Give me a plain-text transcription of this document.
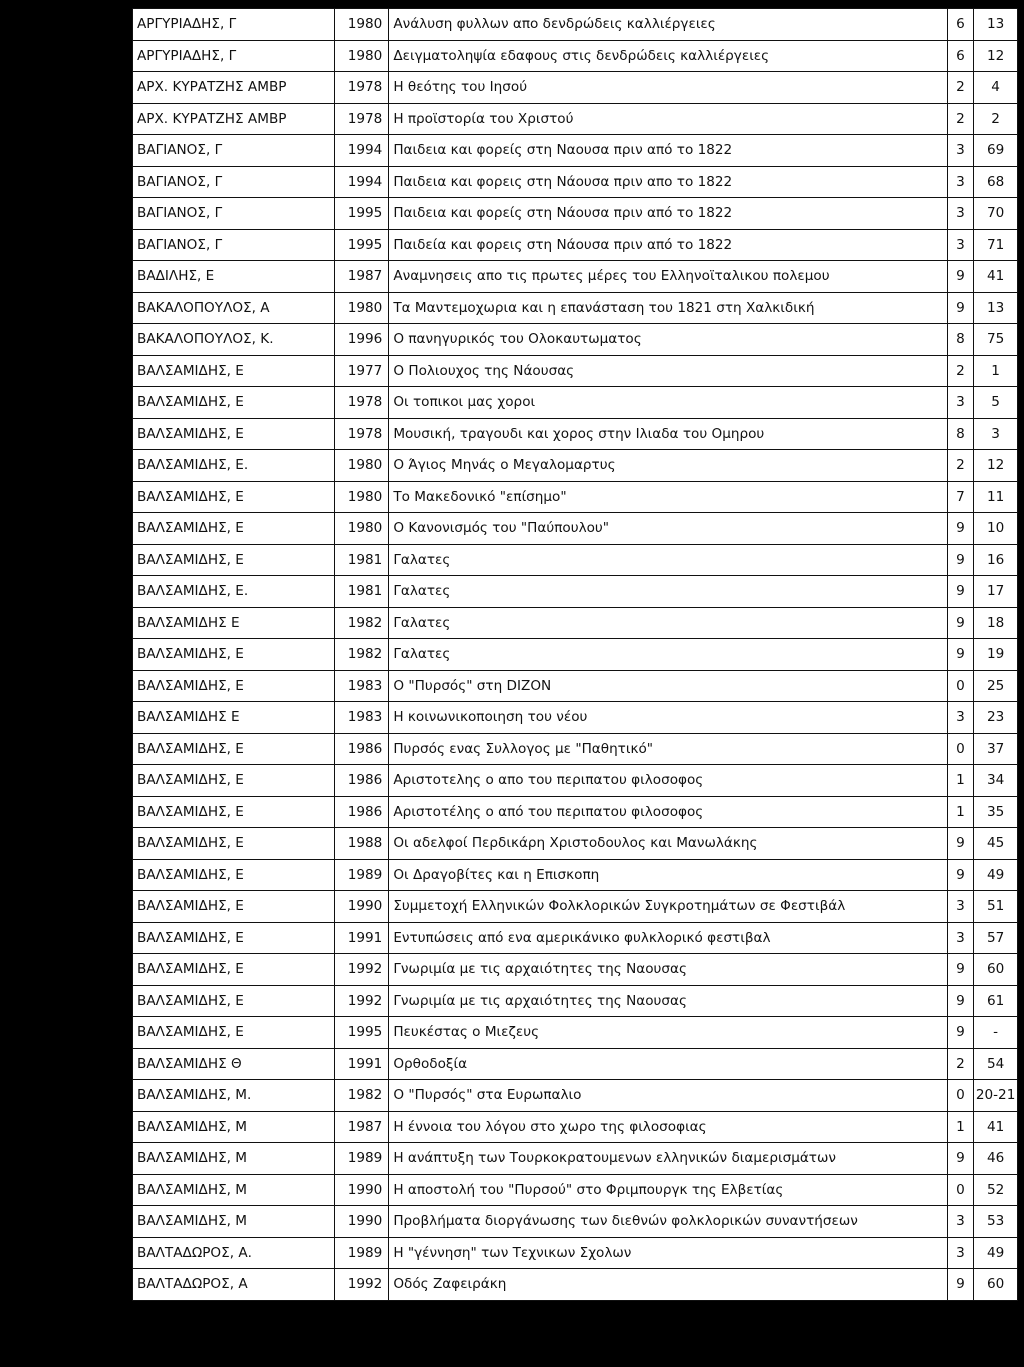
ΑΡΓΥΡΙΑΔΗΣ, Γ	1980	Ανάλυση φυλλων απο δενδρώδεις καλλιέργειες	6	13
ΑΡΓΥΡΙΑΔΗΣ, Γ	1980	Δειγματοληψία εδαφους στις δενδρώδεις καλλιέργειες	6	12
ΑΡΧ. ΚΥΡΑΤΖΗΣ ΑΜΒΡ	1978	Η θεότης του Ιησού	2	4
ΑΡΧ. ΚΥΡΑΤΖΗΣ ΑΜΒΡ	1978	Η προϊστορία του Χριστού	2	2
ΒΑΓΙΑΝΟΣ, Γ	1994	Παιδεια και φορείς στη Ναουσα πριν από το 1822	3	69
ΒΑΓΙΑΝΟΣ, Γ	1994	Παιδεια και φορεις στη Νάουσα πριν απο το 1822	3	68
ΒΑΓΙΑΝΟΣ, Γ	1995	Παιδεια και φορείς στη Νάουσα πριν από το 1822	3	70
ΒΑΓΙΑΝΟΣ, Γ	1995	Παιδεία και φορεις στη Νάουσα πριν από το 1822	3	71
ΒΑΔΙΛΗΣ, Ε	1987	Αναμνησεις απο τις πρωτες μέρες του Ελληνοϊταλικου πολεμου	9	41
ΒΑΚΑΛΟΠΟΥΛΟΣ, Α	1980	Τα Μαντεμοχωρια και η επανάσταση του 1821 στη Χαλκιδική	9	13
ΒΑΚΑΛΟΠΟΥΛΟΣ, Κ.	1996	Ο πανηγυρικός του Ολοκαυτωματος	8	75
ΒΑΛΣΑΜΙΔΗΣ, Ε	1977	Ο Πολιουχος της Νάουσας	2	1
ΒΑΛΣΑΜΙΔΗΣ, Ε	1978	Οι τοπικοι μας χοροι	3	5
ΒΑΛΣΑΜΙΔΗΣ, Ε	1978	Μουσική, τραγουδι και χορος στην Ιλιαδα του Ομηρου	8	3
ΒΑΛΣΑΜΙΔΗΣ, Ε.	1980	Ο Άγιος Μηνάς ο Μεγαλομαρτυς	2	12
ΒΑΛΣΑΜΙΔΗΣ, Ε	1980	Το Μακεδονικό "επίσημο"	7	11
ΒΑΛΣΑΜΙΔΗΣ, Ε	1980	Ο Κανονισμός του "Παύπουλου"	9	10
ΒΑΛΣΑΜΙΔΗΣ, Ε	1981	Γαλατες	9	16
ΒΑΛΣΑΜΙΔΗΣ, Ε.	1981	Γαλατες	9	17
ΒΑΛΣΑΜΙΔΗΣ Ε	1982	Γαλατες	9	18
ΒΑΛΣΑΜΙΔΗΣ, Ε	1982	Γαλατες	9	19
ΒΑΛΣΑΜΙΔΗΣ, Ε	1983	Ο "Πυρσός" στη DIZON	0	25
ΒΑΛΣΑΜΙΔΗΣ Ε	1983	Η κοινωνικοποιηση του νέου	3	23
ΒΑΛΣΑΜΙΔΗΣ, Ε	1986	Πυρσός ενας Συλλογος με "Παθητικό"	0	37
ΒΑΛΣΑΜΙΔΗΣ, Ε	1986	Αριστοτελης ο απο του περιπατου φιλοσοφος	1	34
ΒΑΛΣΑΜΙΔΗΣ, Ε	1986	Αριστοτέλης ο από του περιπατου φιλοσοφος	1	35
ΒΑΛΣΑΜΙΔΗΣ, Ε	1988	Οι αδελφοί Περδικάρη Χριστοδουλος και Μανωλάκης	9	45
ΒΑΛΣΑΜΙΔΗΣ, Ε	1989	Οι Δραγοβίτες και η Επισκοπη	9	49
ΒΑΛΣΑΜΙΔΗΣ, Ε	1990	Συμμετοχή Ελληνικών Φολκλορικών Συγκροτημάτων σε Φεστιβάλ	3	51
ΒΑΛΣΑΜΙΔΗΣ, Ε	1991	Εντυπώσεις από ενα αμερικάνικο φυλκλορικό φεστιβαλ	3	57
ΒΑΛΣΑΜΙΔΗΣ, Ε	1992	Γνωριμία με τις αρχαιότητες της Ναουσας	9	60
ΒΑΛΣΑΜΙΔΗΣ, Ε	1992	Γνωριμία με τις αρχαιότητες της Ναουσας	9	61
ΒΑΛΣΑΜΙΔΗΣ, Ε	1995	Πευκέστας ο Μιεζευς	9	-
ΒΑΛΣΑΜΙΔΗΣ Θ	1991	Ορθοδοξία	2	54
ΒΑΛΣΑΜΙΔΗΣ, Μ.	1982	Ο "Πυρσός" στα Ευρωπαλιο	0	20-21
ΒΑΛΣΑΜΙΔΗΣ, Μ	1987	Η έννοια του λόγου στο χωρο της φιλοσοφιας	1	41
ΒΑΛΣΑΜΙΔΗΣ, Μ	1989	Η ανάπτυξη των Τουρκοκρατουμενων ελληνικών διαμερισμάτων	9	46
ΒΑΛΣΑΜΙΔΗΣ, Μ	1990	Η αποστολή του "Πυρσού" στο Φριμπουργκ της Ελβετίας	0	52
ΒΑΛΣΑΜΙΔΗΣ, Μ	1990	Προβλήματα διοργάνωσης των διεθνών φολκλορικών συναντήσεων	3	53
ΒΑΛΤΑΔΩΡΟΣ, Α.	1989	Η "γέννηση" των Τεχνικων Σχολων	3	49
ΒΑΛΤΑΔΩΡΟΣ, Α	1992	Οδός Ζαφειράκη	9	60
